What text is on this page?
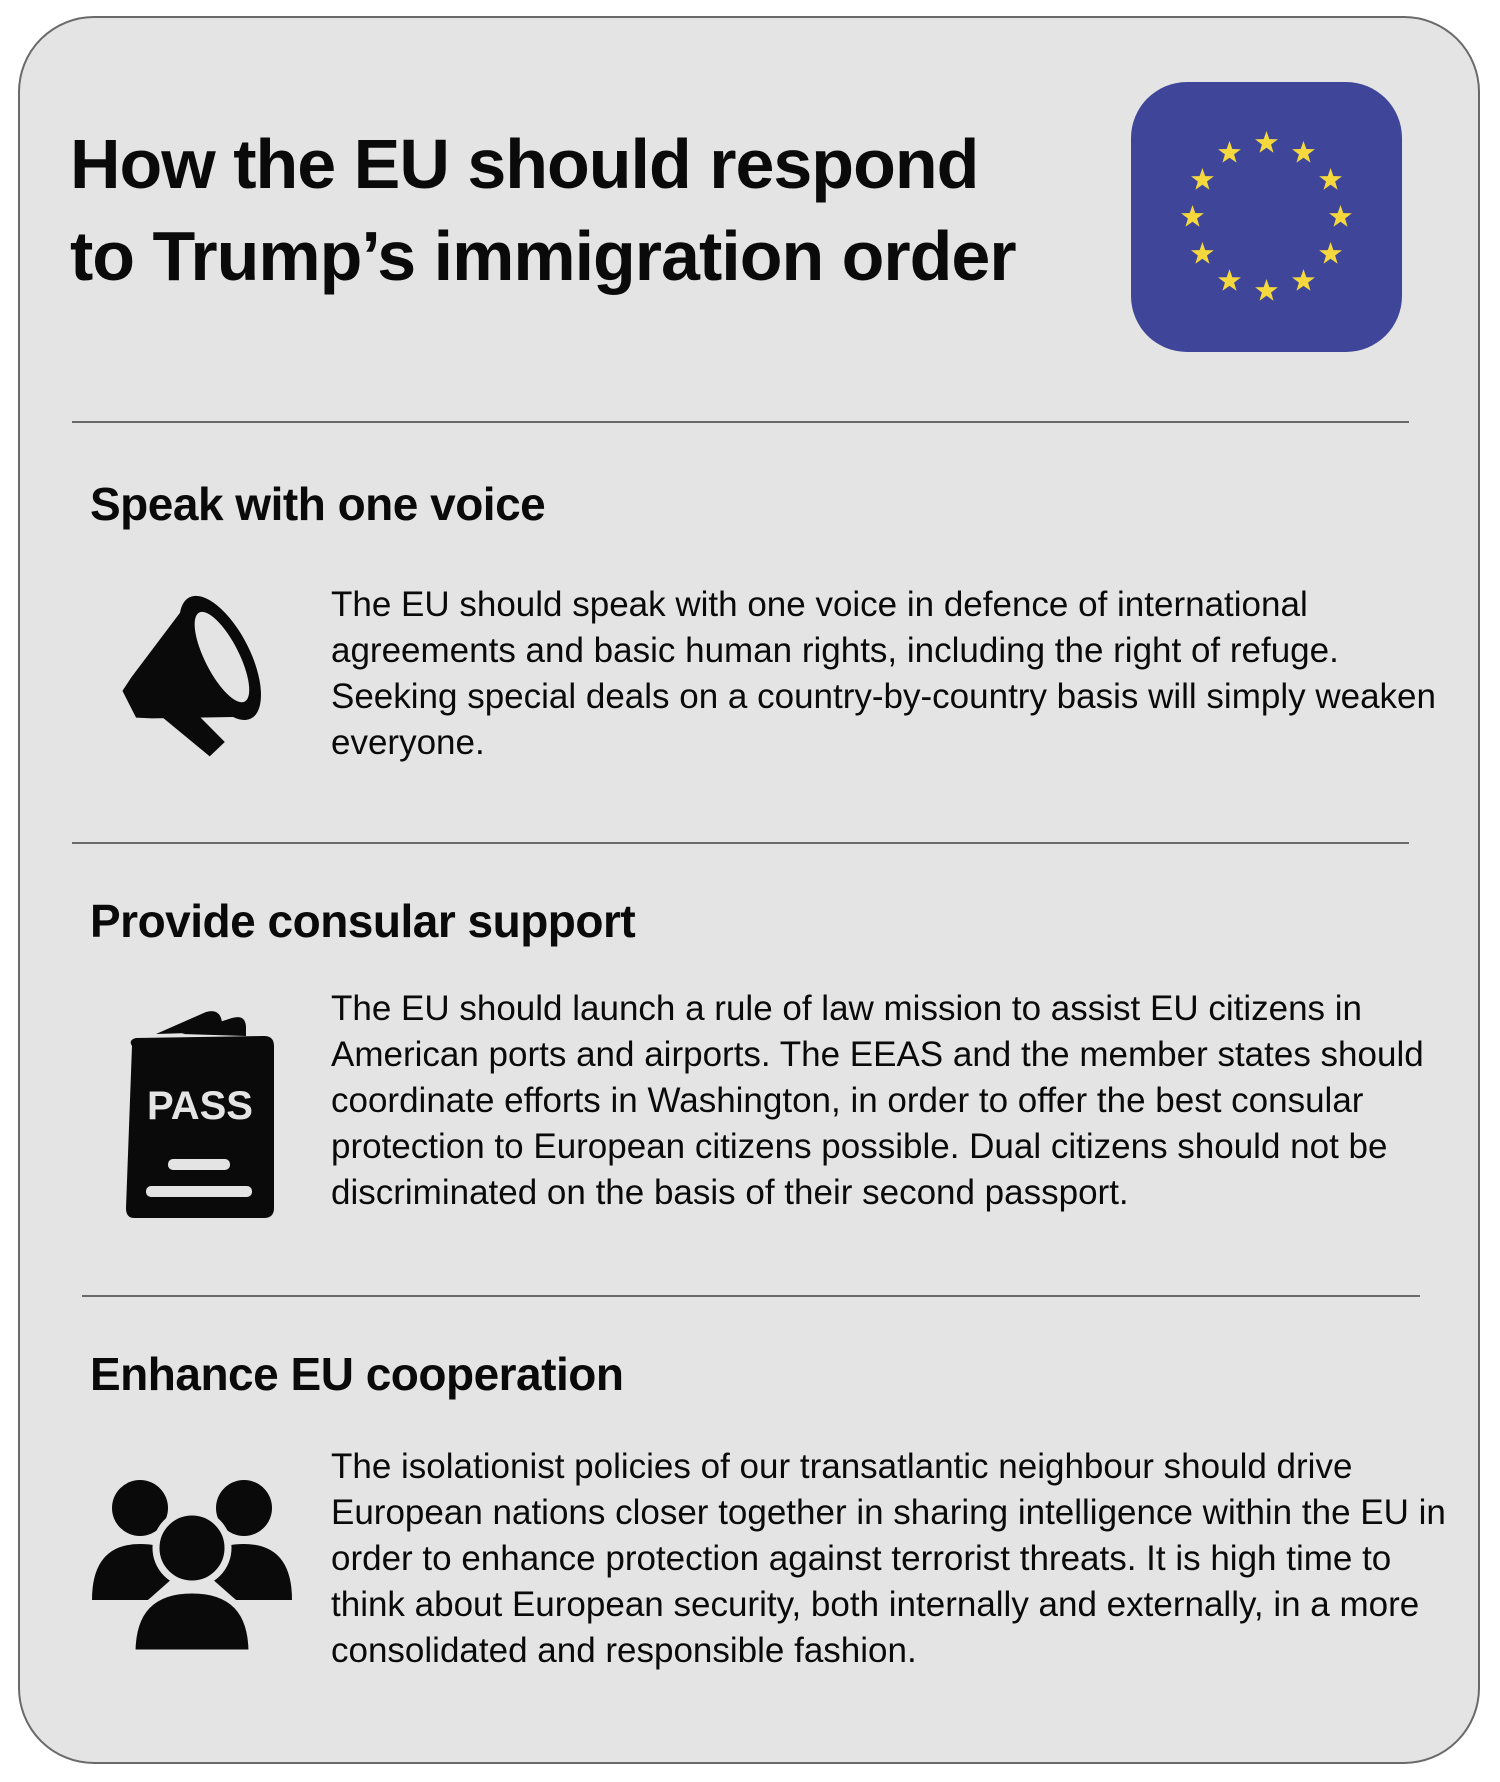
How the EU should respond
to Trump’s immigration order
Speak with one voice

The EU should speak with one voice in defence of international agreements and basic human rights, including the right of refuge. Seeking special deals on a country-by-country basis will simply weaken everyone.

Provide consular support
PASS

The EU should launch a rule of law mission to assist EU citizens in American ports and airports. The EEAS and the member states should coordinate efforts in Washington, in order to offer the best consular protection to European citizens possible. Dual citizens should not be discriminated on the basis of their second passport.

Enhance EU cooperation

The isolationist policies of our transatlantic neighbour should drive European nations closer together in sharing intelligence within the EU in order to enhance protection against terrorist threats. It is high time to think about European security, both internally and externally, in a more consolidated and responsible fashion.
